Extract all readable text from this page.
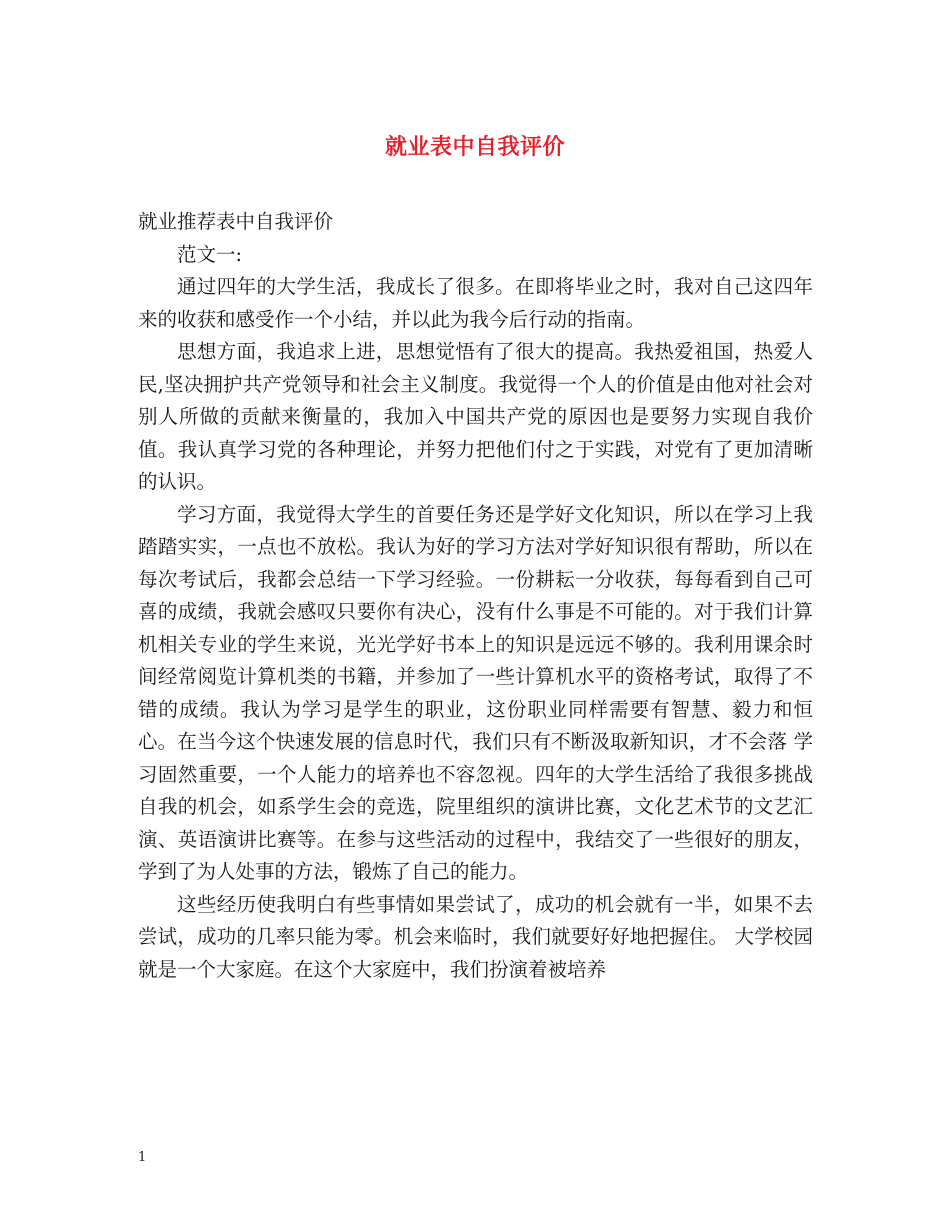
就业表中自我评价

就业推荐表中自我评价

范文一:

通过四年的大学生活，我成长了很多。在即将毕业之时，我对自己这四年来的收获和感受作一个小结，并以此为我今后行动的指南。

思想方面，我追求上进，思想觉悟有了很大的提高。我热爱祖国，热爱人民,坚决拥护共产党领导和社会主义制度。我觉得一个人的价值是由他对社会对别人所做的贡献来衡量的，我加入中国共产党的原因也是要努力实现自我价值。我认真学习党的各种理论，并努力把他们付之于实践，对党有了更加清晰的认识。

学习方面，我觉得大学生的首要任务还是学好文化知识，所以在学习上我踏踏实实，一点也不放松。我认为好的学习方法对学好知识很有帮助，所以在每次考试后，我都会总结一下学习经验。一份耕耘一分收获，每每看到自己可喜的成绩，我就会感叹只要你有决心，没有什么事是不可能的。对于我们计算机相关专业的学生来说，光光学好书本上的知识是远远不够的。我利用课余时间经常阅览计算机类的书籍，并参加了一些计算机水平的资格考试，取得了不错的成绩。我认为学习是学生的职业，这份职业同样需要有智慧、毅力和恒心。在当今这个快速发展的信息时代，我们只有不断汲取新知识，才不会落 学习固然重要，一个人能力的培养也不容忽视。四年的大学生活给了我很多挑战自我的机会，如系学生会的竞选，院里组织的演讲比赛，文化艺术节的文艺汇演、英语演讲比赛等。在参与这些活动的过程中，我结交了一些很好的朋友，学到了为人处事的方法，锻炼了自己的能力。

这些经历使我明白有些事情如果尝试了，成功的机会就有一半，如果不去尝试，成功的几率只能为零。机会来临时，我们就要好好地把握住。 大学校园就是一个大家庭。在这个大家庭中，我们扮演着被培养

1
